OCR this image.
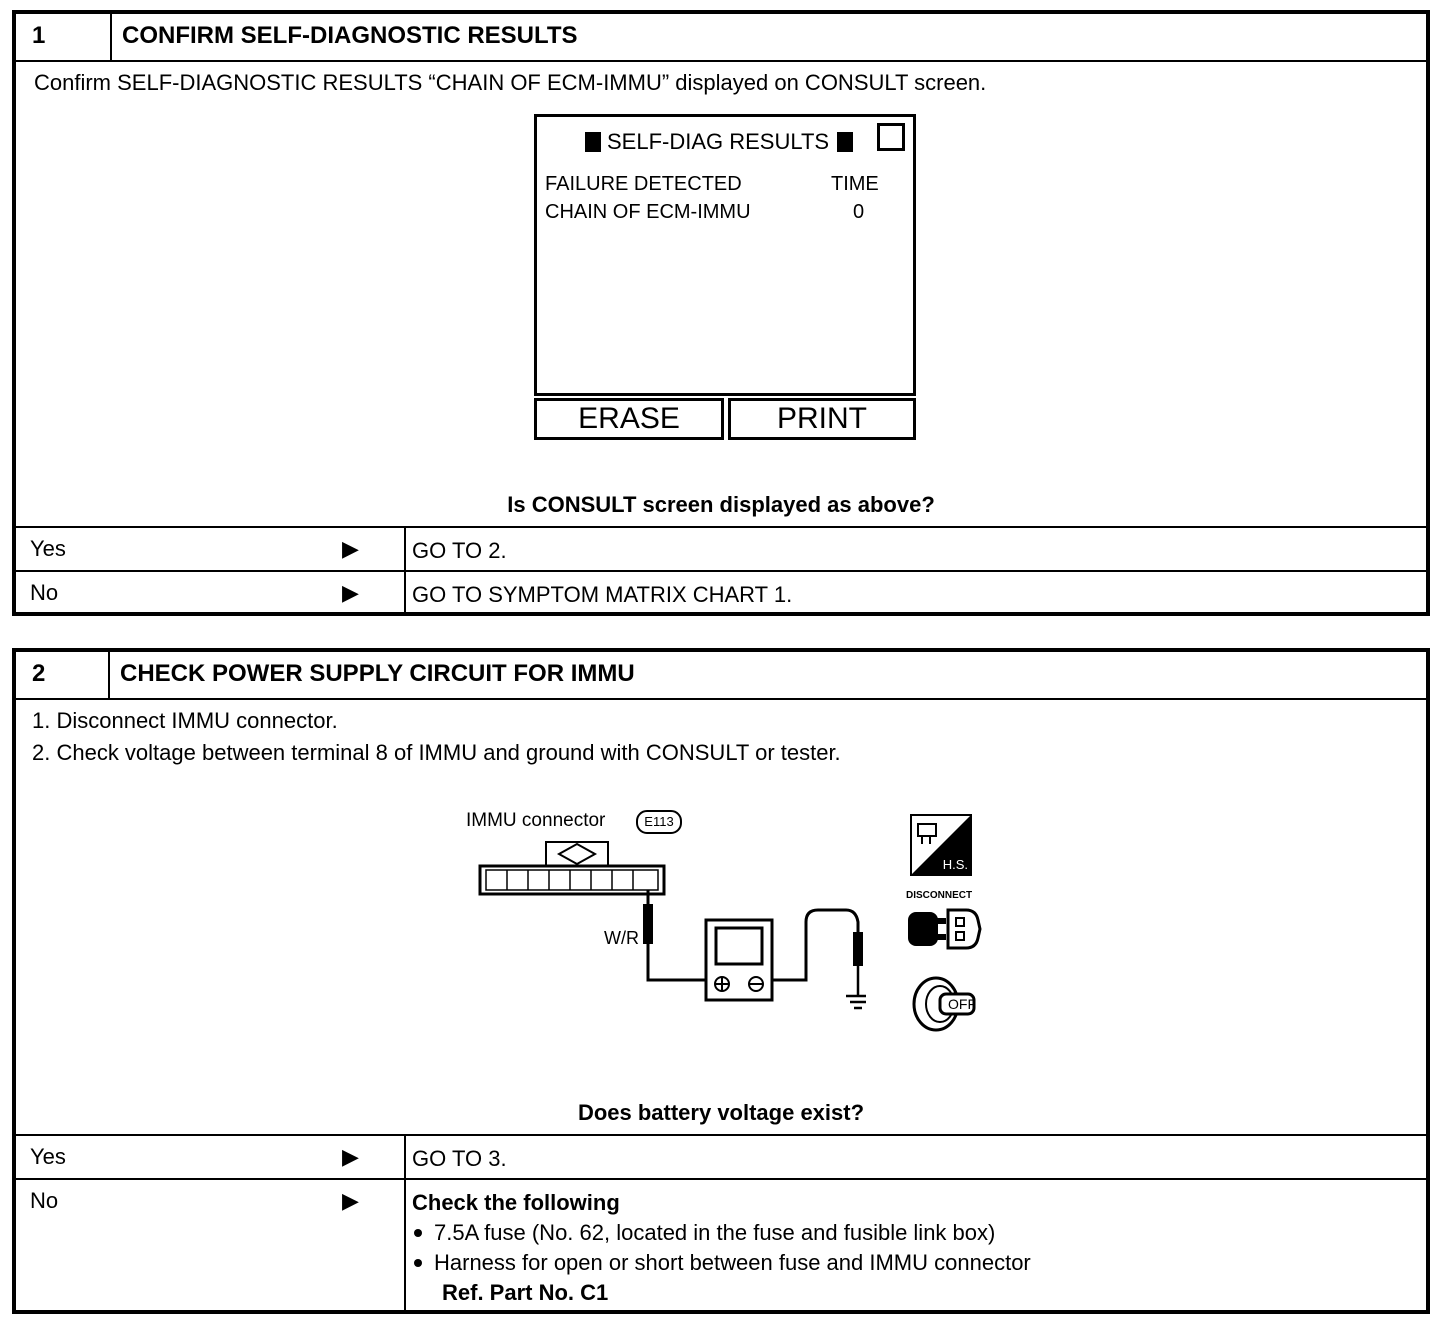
1	CONFIRM SELF-DIAGNOSTIC RESULTS
Confirm SELF-DIAGNOSTIC RESULTS “CHAIN OF ECM-IMMU” displayed on CONSULT screen.
SELF-DIAG RESULTS
FAILURE DETECTED	TIME
CHAIN OF ECM-IMMU	0
ERASE	PRINT
Is CONSULT screen displayed as above?
Yes	▶ GO TO 2.
No	▶ GO TO SYMPTOM MATRIX CHART 1.
2	CHECK POWER SUPPLY CIRCUIT FOR IMMU
1. Disconnect IMMU connector.
2. Check voltage between terminal 8 of IMMU and ground with CONSULT or tester.
IMMU connector	E113
W/R
H.S.
DISCONNECT
OFF
Does battery voltage exist?
Yes	▶ GO TO 3.
No	▶ Check the following
7.5A fuse (No. 62, located in the fuse and fusible link box)
Harness for open or short between fuse and IMMU connector
Ref. Part No. C1
